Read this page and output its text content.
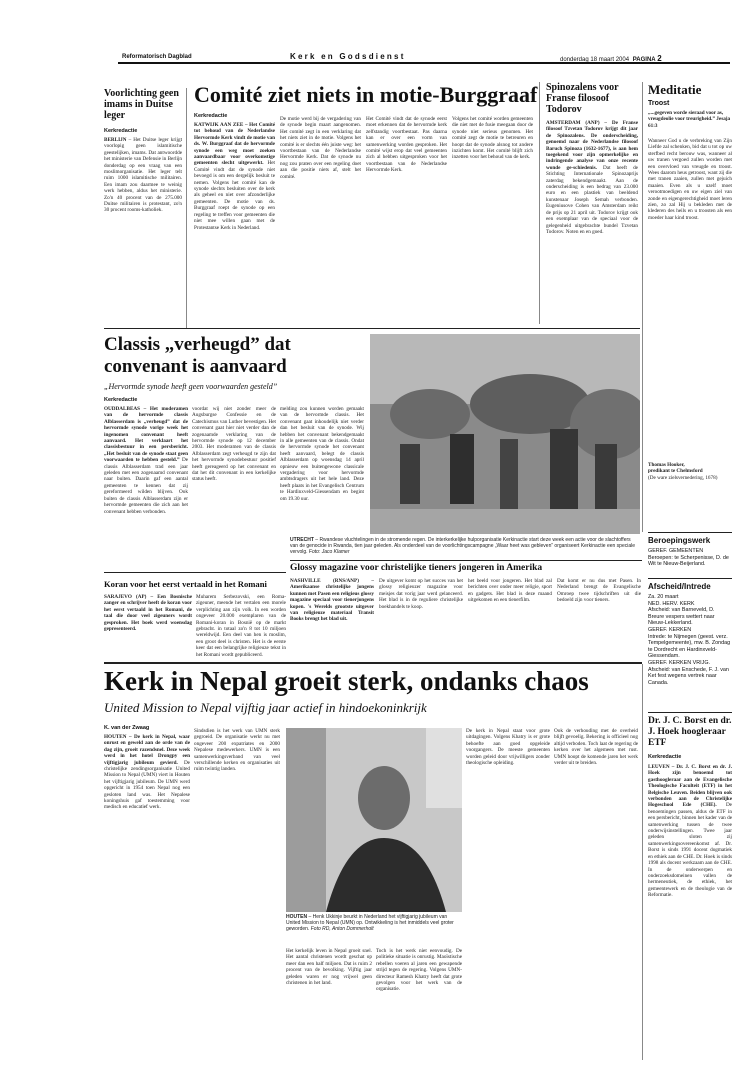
Reformatorisch Dagblad	K e r k   e n   G o d s d i e n s t	donderdag 18 maart 2004 PAGINA 2
Voorlichting geen imams in Duitse leger
Kerkredactie
BERLIJN – Het Duitse leger krijgt voorlopig geen islamitische geestelijken, imams. Dat antwoordde het ministerie van Defensie in Berlijn donderdag op een vraag van een moslimorganisatie. Het leger telt ruim 1000 islamitische militairen. Een imam zou daarmee te weinig werk hebben, aldus het ministerie. Zo'n 40 procent van de 275.000 Duitse militairen is protestant, zo'n 30 procent rooms-katholiek.
Comité ziet niets in motie-Burggraaf
Kerkredactie
KATWIJK AAN ZEE – Het Comité tot behoud van de Nederlandse Hervormde Kerk vindt de motie van ds. W. Burggraaf dat de hervormde synode een weg moet zoeken aanvaardbaar voor overkomstige gemeenten slecht uitgewerkt. Het Comité vindt dat de synode niet bevoegd is om een dergelijk besluit te nemen. Volgens het comité kan de synode slechts besluiten over de kerk als geheel en niet over afzonderlijke gemeenten. De motie van ds. Burggraaf roept de synode op een regeling te treffen voor gemeenten die niet mee willen gaan met de Protestantse Kerk in Nederland.
De motie werd bij de vergadering van de synode begin maart aangenomen. Het comité zegt in een verklaring dat het niets ziet in de motie. Volgens het comité is er slechts één juiste weg: het voortbestaan van de Nederlandse Hervormde Kerk. Dat de synode nu nog zou praten over een regeling doet aan die positie niets af, stelt het comité.
Het Comité vindt dat de synode eerst moet erkennen dat de hervormde kerk zelfstandig voortbestaat. Pas daarna kan er over een vorm van samenwerking worden gesproken. Het comité wijst erop dat veel gemeenten zich al hebben uitgesproken voor het voortbestaan van de Nederlandse Hervormde Kerk.
Volgens het comité worden gemeenten die niet met de fusie meegaan door de synode niet serieus genomen. Het comité zegt de motie te betreuren en hoopt dat de synode alsnog tot andere inzichten komt. Het comité blijft zich inzetten voor het behoud van de kerk.
Spinozalens voor Franse filosoof Todorov
AMSTERDAM (ANP) – De Franse filosoof Tzvetan Todorov krijgt dit jaar de Spinozalens. De onderscheiding, genoemd naar de Nederlandse filosoof Baruch Spinoza (1632-1677), is aan hem toegekend voor zijn opmerkelijke en indringende analyse van onze recente wonde ge-schiedenis. Dat heeft de Stichting Internationale Spinozaprijs zaterdag bekendgemaakt. Aan de onderscheiding is een bedrag van 23.000 euro en een plastiek van beeldend kunstenaar Joseph Semah verbonden. Eugeniusove Cohen van Amsterdam reikt de prijs op 21 april uit. Todorov krijgt ook een exemplaar van de speciaal voor de gelegenheid uitgebrachte bundel Tzvetan Todorov. Noten en en goed.
Meditatie
Troost
„...gegeven worde sieraad voor as, vreugdeolie voor treurigheid.” Jesaja 61:3
Wanneer God u de verbreking van Zijn Liefde zal schenken, bid dat u tot op uw sterfbed recht berouw was, wanneer al uw tranen vergoed zullen worden met een overvloed van vreugde en troost. Wees daarom heus getroost, want zij die met tranen zaaien, zullen met gejuich maaien. Even als u uzelf moet verootmoedigen en uw eigen ziel van zonde en eigengerechtigheid moet leren zien, zo zal Hij u bekleden met de klederen des heils en u troosten als een moeder haar kind troost.
Thomas Hooker,
predikant te Chelmsford
(De ware zielsvernedering, 1678)
Classis „verheugd” dat
convenant is aanvaard
„Hervormde synode heeft geen voorwaarden gesteld”
Kerkredactie
OUDDALBEAS – Het moderamen van de hervormde classis Alblasserdam is „verheugd” dat de hervormde synode vorige week het ingenomen convenant heeft aanvaard. Het verklaart het classisbestuur in een persbericht. „Het besluit van de synode staat geen voorwaarden te hebben gesteld.” De classis Alblasserdam trad een jaar geleden met een zogenaamd convenant naar buiten. Daarin gaf een aantal gemeenten te kennen dat zij gereformeerd wilden blijven. Ook buiten de classis Alblasserdam zijn er hervormde gemeenten die zich aan het convenant hebben verbonden.
voordat wij niet zonder meer de Augsburgse Confessie en de Catechismus van Luther bevestigen. Het convenant gaat hier niet verder dan de zogenaamde verklaring van de hervormde synode op 12 december 2003. Het moderamen van de classis Alblasserdam zegt verheugd te zijn dat het hervormde synodebestuur positief heeft gereageerd op het convenant en dat het dit convenant in een kerkelijke status heeft.
melding zou kunnen worden gemaakt van de hervormde classis. Het convenant gaat inhoudelijk niet verder dan het besluit van de synode. Wij hebben het convenant bekendgemaakt in alle gemeenten van de classis. Ondat de hervormde synode het convenant heeft aanvaard, belegt de classis Alblasserdam op woensdag 14 april opnieuw een buitengewone classicale vergadering voor hervormde ambtsdragers uit het hele land. Deze heeft plaats in het Evangelisch Centrum te Hardinxveld-Giessendam en begint om 19.30 uur.
UTRECHT – Rwandese vluchtelingen in de stromende regen. De interkerkelijke hulporganisatie Kerkinactie start deze week een actie voor de slachtoffers van de genocide in Rwanda, tien jaar geleden. Als onderdeel van de voorlichtingscampagne „Waar heet was gebleven” organiseert Kerkinactie een speciale vervolg. Foto: Jaco Klamer
Glossy magazine voor christelijke tieners jongeren in Amerika
NASHVILLE (RNS/ANP) – Amerikaanse christelijke jongens kunnen met Pasen een religieus glossy magazine speciaal voor tienerjongens kopen. 's Werelds grootste uitgever van religieuze materiaal Transit Books brengt het blad uit.
De uitgever komt op het succes van het glossy religieuzer magazine voor meisjes dat vorig jaar werd gelanceerd. Het blad is in de reguliere christelijke boekhandels te koop.
het beeld voor jongeren. Het blad zal berichten over onder meer religie, sport en gadgets. Het blad is deze maand uitgekomen en een tienerfilm.
Dat komt er nu dus met Pasen. In Nederland brengt de Evangelische Omroep twee tijdschriften uit die bedoeld zijn voor tieners.
Beroepingswerk
GEREF. GEMEENTEN
Beroepen: te Scherpenisse, D. de Wit te Nieuw-Beijerland.
Afscheid/Intrede
Za. 20 maart
NED. HERV. KERK
Afscheid: van Barneveld, D. Breure vespers wettert naar Nieuw-Lekkerland.
GEREF. KERKEN
Intrede: te Nijmegen (geest. verz. Tempelgemeente), mw. B. Zondag te Dordrecht en Hardinxveld-Giessendam.
GEREF. KERKEN VRIJG.
Afscheid: van Enschede, F. J. van Ket fest wegens vertrek naar Canada.
Koran voor het eerst vertaald in het Romani
SARAJEVO (AP) – Een Bosnische zanger en schrijver heeft de koran voor het eerst vertaald in het Romani, de taal die door veel zigeuners wordt gesproken. Het boek werd woensdag gepresenteerd.
Muharem Serbezovski, een Roma-zigeuner, meende het vertalen een morele verplichting aan zijn volk. In een worden ongeveer 20.000 exemplaren van de Romani-koran in Bosnië op de markt gebracht. in totaal zo'n 8 tot 10 miljoen wereldwijd. Een deel van hen is moslim, een groot deel is christen. Het is de eerste keer dat een belangrijke religieuze tekst in het Romani wordt gepubliceerd.
Kerk in Nepal groeit sterk, ondanks chaos
United Mission to Nepal vijftig jaar actief in hindoekoninkrijk
K. van der Zwaag
HOUTEN – De kerk in Nepal, waar onrust en geweld aan de orde van de dag zijn, groeit razendsnel. Deze week werd in het hotel Drongpy een vijftigjarig jubileum gevierd. De christelijke zendingsorganisatie United Mission to Nepal (UMN) viert in Houten het vijftigjarig jubileum. De UMN werd opgericht in 1954 toen Nepal nog een gesloten land was. Het Nepalese koningshuis gaf toestemming voor medisch en educatief werk.
Sindsdien is het werk van UMN sterk gegroeid. De organisatie werkt nu met ongeveer 200 expatriates en 2000 Nepalese medewerkers. UMN is een samenwerkingsverband van veel verschillende kerken en organisaties uit ruim twintig landen.
HOUTEN – Henk Ukkinje beurkt in Nederland het vijftigjarig jubileum van United Mission to Nepal (UMN) op. Ontwikkeling is het inmiddels veel groter geworden. Foto RD, Anton Dommerholt
Het kerkelijk leven in Nepal groeit snel. Het aantal christenen wordt geschat op meer dan een half miljoen. Dat is ruim 2 procent van de bevolking. Vijftig jaar geleden waren er nog vrijwel geen christenen in het land.
Toch is het werk niet eenvoudig. De politieke situatie is onrustig. Maoïstische rebellen voeren al jaren een gewapende strijd tegen de regering. Volgens UMN-directeur Ramesh Khatry heeft dat grote gevolgen voor het werk van de organisatie.
De kerk in Nepal staat voor grote uitdagingen. Volgens Khatry is er grote behoefte aan goed opgeleide voorgangers. De meeste gemeenten worden geleid door vrijwilligers zonder theologische opleiding.
Ook de verhouding met de overheid blijft gevoelig. Bekering is officieel nog altijd verboden. Toch laat de regering de kerken over het algemeen met rust. UMN hoopt de komende jaren het werk verder uit te breiden.
Dr. J. C. Borst en dr. J. Hoek hoogleraar ETF
Kerkredactie
LEUVEN – Dr. J. C. Borst en dr. J. Hoek zijn benoemd tot gasthoogleraar aan de Evangelische Theologische Faculteit (ETF) in het Belgische Leuven. Beiden blijven ook verbonden aan de Christelijke Hogeschool Ede (CHE). De benoemingen passen, aldus de ETF in een persbericht, binnen het kader van de samenwerking tussen de twee onderwijsinstellingen. Twee jaar geleden sloten zij samenwerkingsovereenkomst af. Dr. Borst is sinds 1991 docent dogmatiek en ethiek aan de CHE. Dr. Hoek is sinds 1998 als docent werkzaam aan de CHE. In de onderwerpen en onderzoeksdomeinen vallen de hermeneutiek, de ethiek, het gemeentewerk en de theologie van de Reformatie.
